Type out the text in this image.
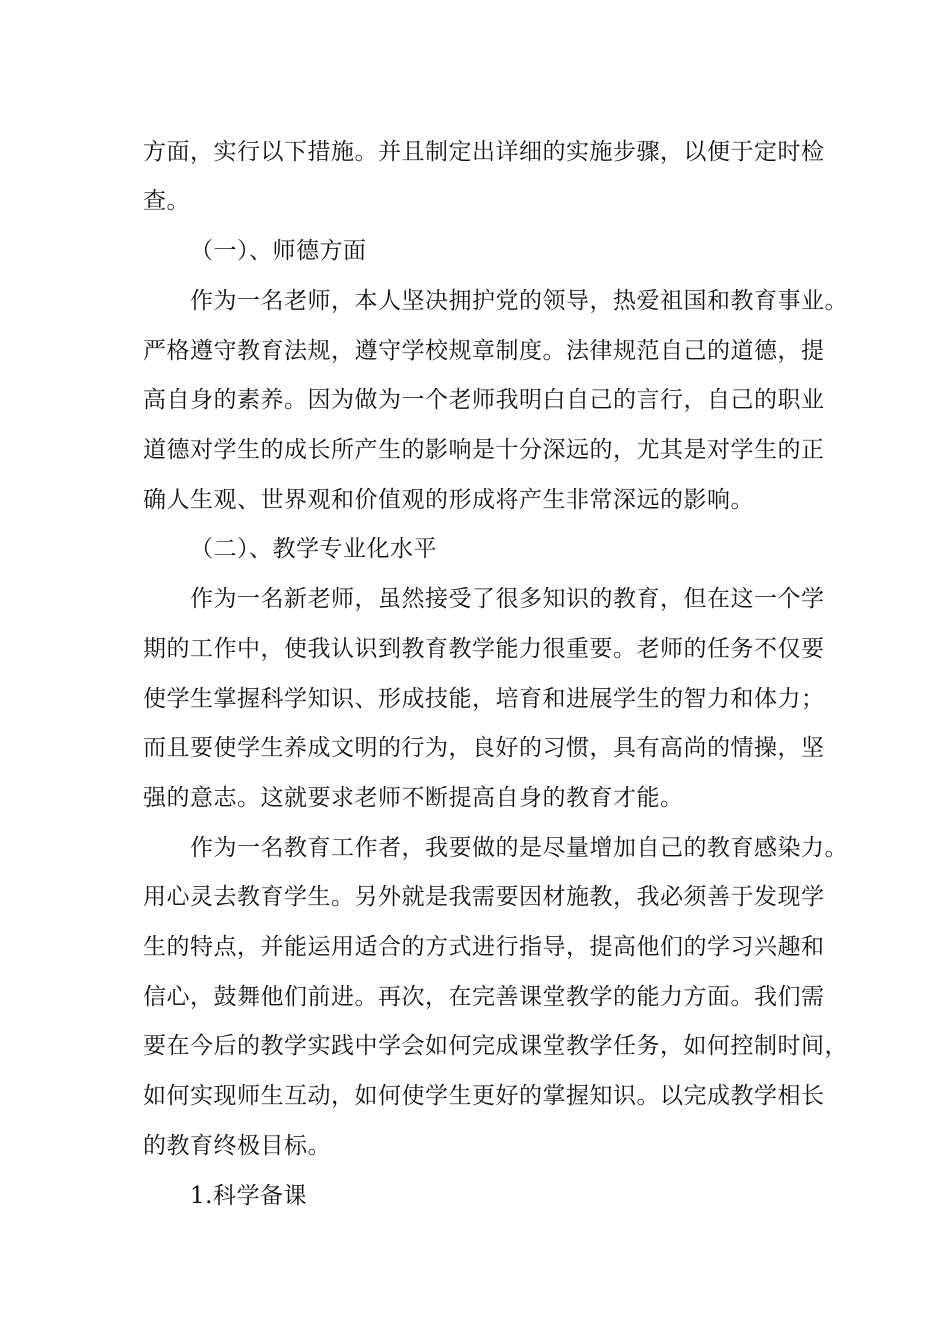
方面，实行以下措施。并且制定出详细的实施步骤，以便于定时检
查。
（一）、师德方面
作为一名老师，本人坚决拥护党的领导，热爱祖国和教育事业。
严格遵守教育法规，遵守学校规章制度。法律规范自己的道德，提
高自身的素养。因为做为一个老师我明白自己的言行，自己的职业
道德对学生的成长所产生的影响是十分深远的，尤其是对学生的正
确人生观、世界观和价值观的形成将产生非常深远的影响。
（二）、教学专业化水平
作为一名新老师，虽然接受了很多知识的教育，但在这一个学
期的工作中，使我认识到教育教学能力很重要。老师的任务不仅要
使学生掌握科学知识、形成技能，培育和进展学生的智力和体力；
而且要使学生养成文明的行为，良好的习惯，具有高尚的情操，坚
强的意志。这就要求老师不断提高自身的教育才能。
作为一名教育工作者，我要做的是尽量增加自己的教育感染力。
用心灵去教育学生。另外就是我需要因材施教，我必须善于发现学
生的特点，并能运用适合的方式进行指导，提高他们的学习兴趣和
信心，鼓舞他们前进。再次，在完善课堂教学的能力方面。我们需
要在今后的教学实践中学会如何完成课堂教学任务，如何控制时间，
如何实现师生互动，如何使学生更好的掌握知识。以完成教学相长
的教育终极目标。
1.科学备课
